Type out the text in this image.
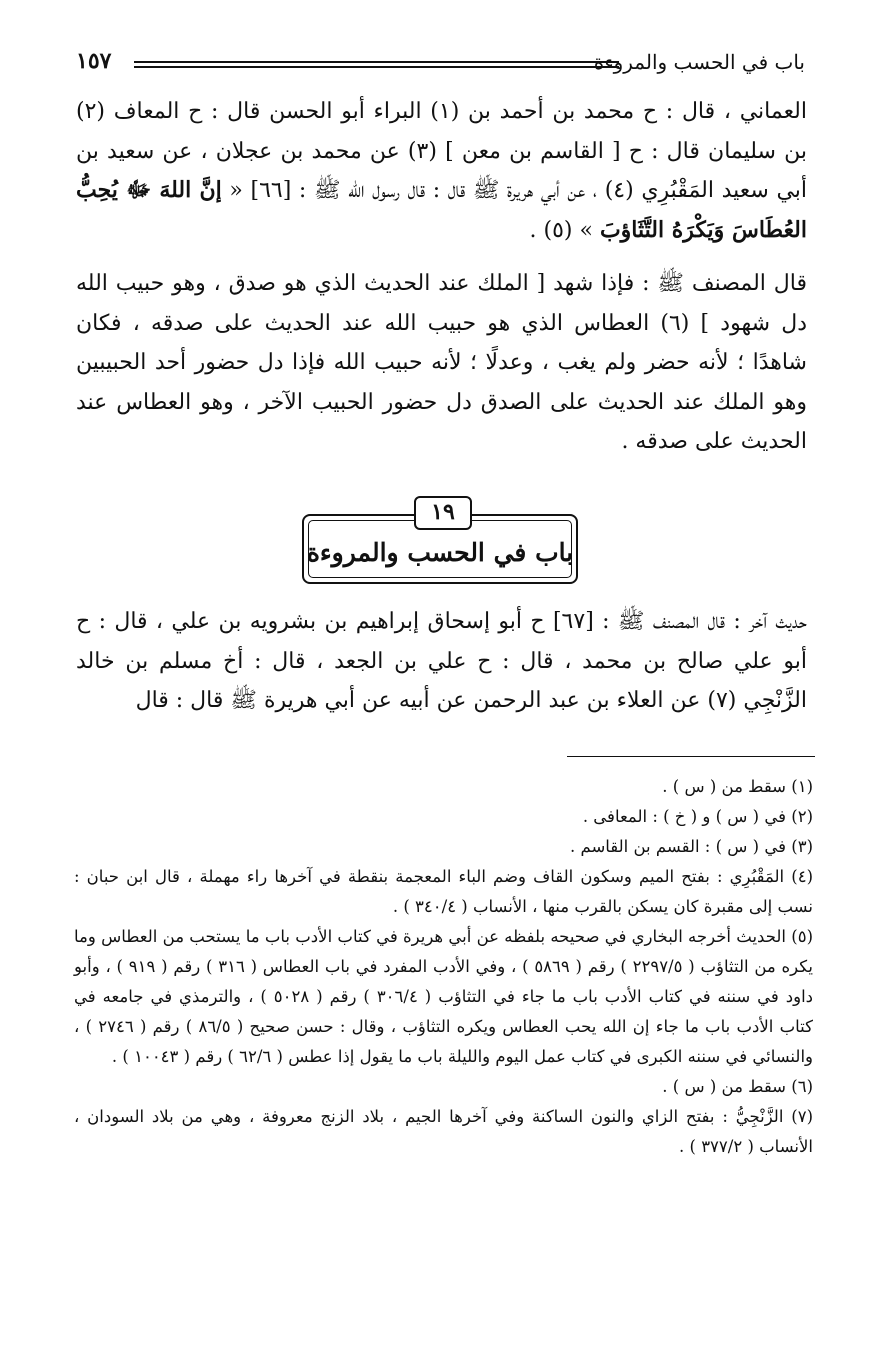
باب في الحسب والمروءة
١٥٧

العماني ، قال : ح محمد بن أحمد بن (١) البراء أبو الحسن قال : ح المعاف (٢) بن سليمان قال : ح [ القاسم بن معن ] (٣) عن محمد بن عجلان ، عن سعيد بن أبي سعيد المَقْبُرِي (٤) ، عن أبي هريرة ﷺ قال : قال رسول الله ﷺ : [٦٦] « إنَّ اللهَ ﷻ يُحِبُّ العُطَاسَ وَيَكْرَهُ التَّثَاؤبَ » (٥) .

قال المصنف ﷺ : فإذا شهد [ الملك عند الحديث الذي هو صدق ، وهو حبيب الله دل شهود ] (٦) العطاس الذي هو حبيب الله عند الحديث على صدقه ، فكان شاهدًا ؛ لأنه حضر ولم يغب ، وعدلًا ؛ لأنه حبيب الله فإذا دل حضور أحد الحبيبين وهو الملك عند الحديث على الصدق دل حضور الحبيب الآخر ، وهو العطاس عند الحديث على صدقه .

باب في الحسب والمروءة
١٩

حديث آخر : قال المصنف ﷺ : [٦٧] ح أبو إسحاق إبراهيم بن بشرويه بن علي ، قال : ح أبو علي صالح بن محمد ، قال : ح علي بن الجعد ، قال : أخ مسلم بن خالد الزَّنْجِي (٧) عن العلاء بن عبد الرحمن عن أبيه عن أبي هريرة ﷺ قال : قال

(١) سقط من ( س ) .

(٢) في ( س ) و ( خ ) : المعافى .

(٣) في ( س ) : القسم بن القاسم .

(٤) المَقْبُرِي : بفتح الميم وسكون القاف وضم الباء المعجمة بنقطة في آخرها راء مهملة ، قال ابن حبان : نسب إلى مقبرة كان يسكن بالقرب منها ، الأنساب ( ٣٤٠/٤ ) .

(٥) الحديث أخرجه البخاري في صحيحه بلفظه عن أبي هريرة في كتاب الأدب باب ما يستحب من العطاس وما يكره من التثاؤب ( ٢٢٩٧/٥ ) رقم ( ٥٨٦٩ ) ، وفي الأدب المفرد في باب العطاس ( ٣١٦ ) رقم ( ٩١٩ ) ، وأبو داود في سننه في كتاب الأدب باب ما جاء في التثاؤب ( ٣٠٦/٤ ) رقم ( ٥٠٢٨ ) ، والترمذي في جامعه في كتاب الأدب باب ما جاء إن الله يحب العطاس ويكره التثاؤب ، وقال : حسن صحيح ( ٨٦/٥ ) رقم ( ٢٧٤٦ ) ، والنسائي في سننه الكبرى في كتاب عمل اليوم والليلة باب ما يقول إذا عطس ( ٦٢/٦ ) رقم ( ١٠٠٤٣ ) .

(٦) سقط من ( س ) .

(٧) الزَّنْجِيُّ : بفتح الزاي والنون الساكنة وفي آخرها الجيم ، بلاد الزنج معروفة ، وهي من بلاد السودان ، الأنساب ( ٣٧٧/٢ ) .
